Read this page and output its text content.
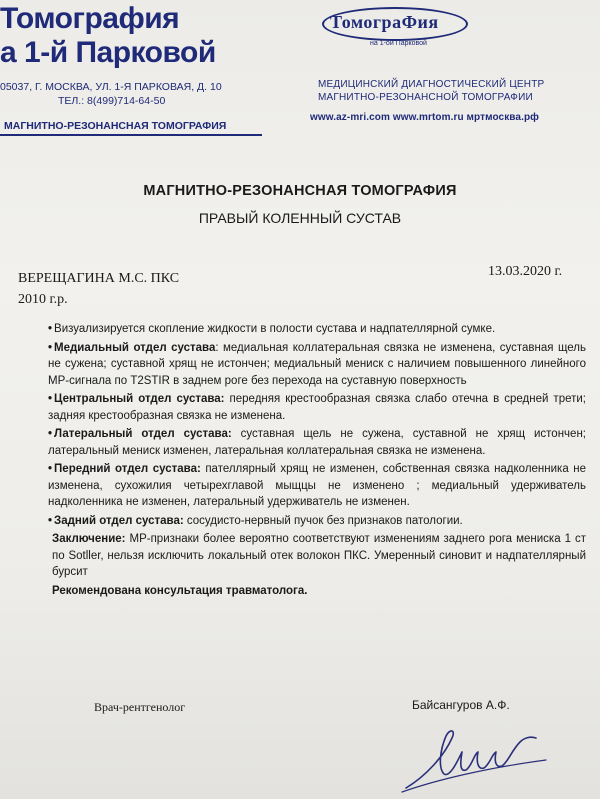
Томография
а 1-й Парковой
ТомограФия
на 1-ой Парковой
05037, Г. МОСКВА, УЛ. 1-Я ПАРКОВАЯ, Д. 10
ТЕЛ.: 8(499)714-64-50
МЕДИЦИНСКИЙ ДИАГНОСТИЧЕСКИЙ ЦЕНТР
МАГНИТНО-РЕЗОНАНСНОЙ ТОМОГРАФИИ
МАГНИТНО-РЕЗОНАНСНАЯ ТОМОГРАФИЯ
www.az-mri.com www.mrtom.ru мртмосква.рф
МАГНИТНО-РЕЗОНАНСНАЯ ТОМОГРАФИЯ
ПРАВЫЙ КОЛЕННЫЙ СУСТАВ
ВЕРЕЩАГИНА М.С. ПКС
2010 г.р.
13.03.2020 г.

• Визуализируется скопление жидкости в полости сустава и надпателлярной сумке.

• Медиальный отдел сустава: медиальная коллатеральная связка не изменена, суставная щель не сужена; суставной хрящ не истончен; медиальный мениск с наличием повышенного линейного МР-сигнала по T2STIR в заднем роге без перехода на суставную поверхность

• Центральный отдел сустава: передняя крестообразная связка слабо отечна в средней трети; задняя крестообразная связка не изменена.

• Латеральный отдел сустава: суставная щель не сужена, суставной не хрящ истончен; латеральный мениск изменен, латеральная коллатеральная связка не изменена.

• Передний отдел сустава: пателлярный хрящ не изменен, собственная связка надколенника не изменена, сухожилия четырехглавой мыщцы не изменено ; медиальный удерживатель надколенника не изменен, латеральный удерживатель не изменен.

• Задний отдел сустава: сосудисто-нервный пучок без признаков патологии.

Заключение: МР-признаки более вероятно соответствуют изменениям заднего рога мениска 1 ст по Sotller, нельзя исключить локальный отек волокон ПКС. Умеренный синовит и надпателлярный бурсит

Рекомендована консультация травматолога.

Врач-рентгенолог	Байсангуров А.Ф.
